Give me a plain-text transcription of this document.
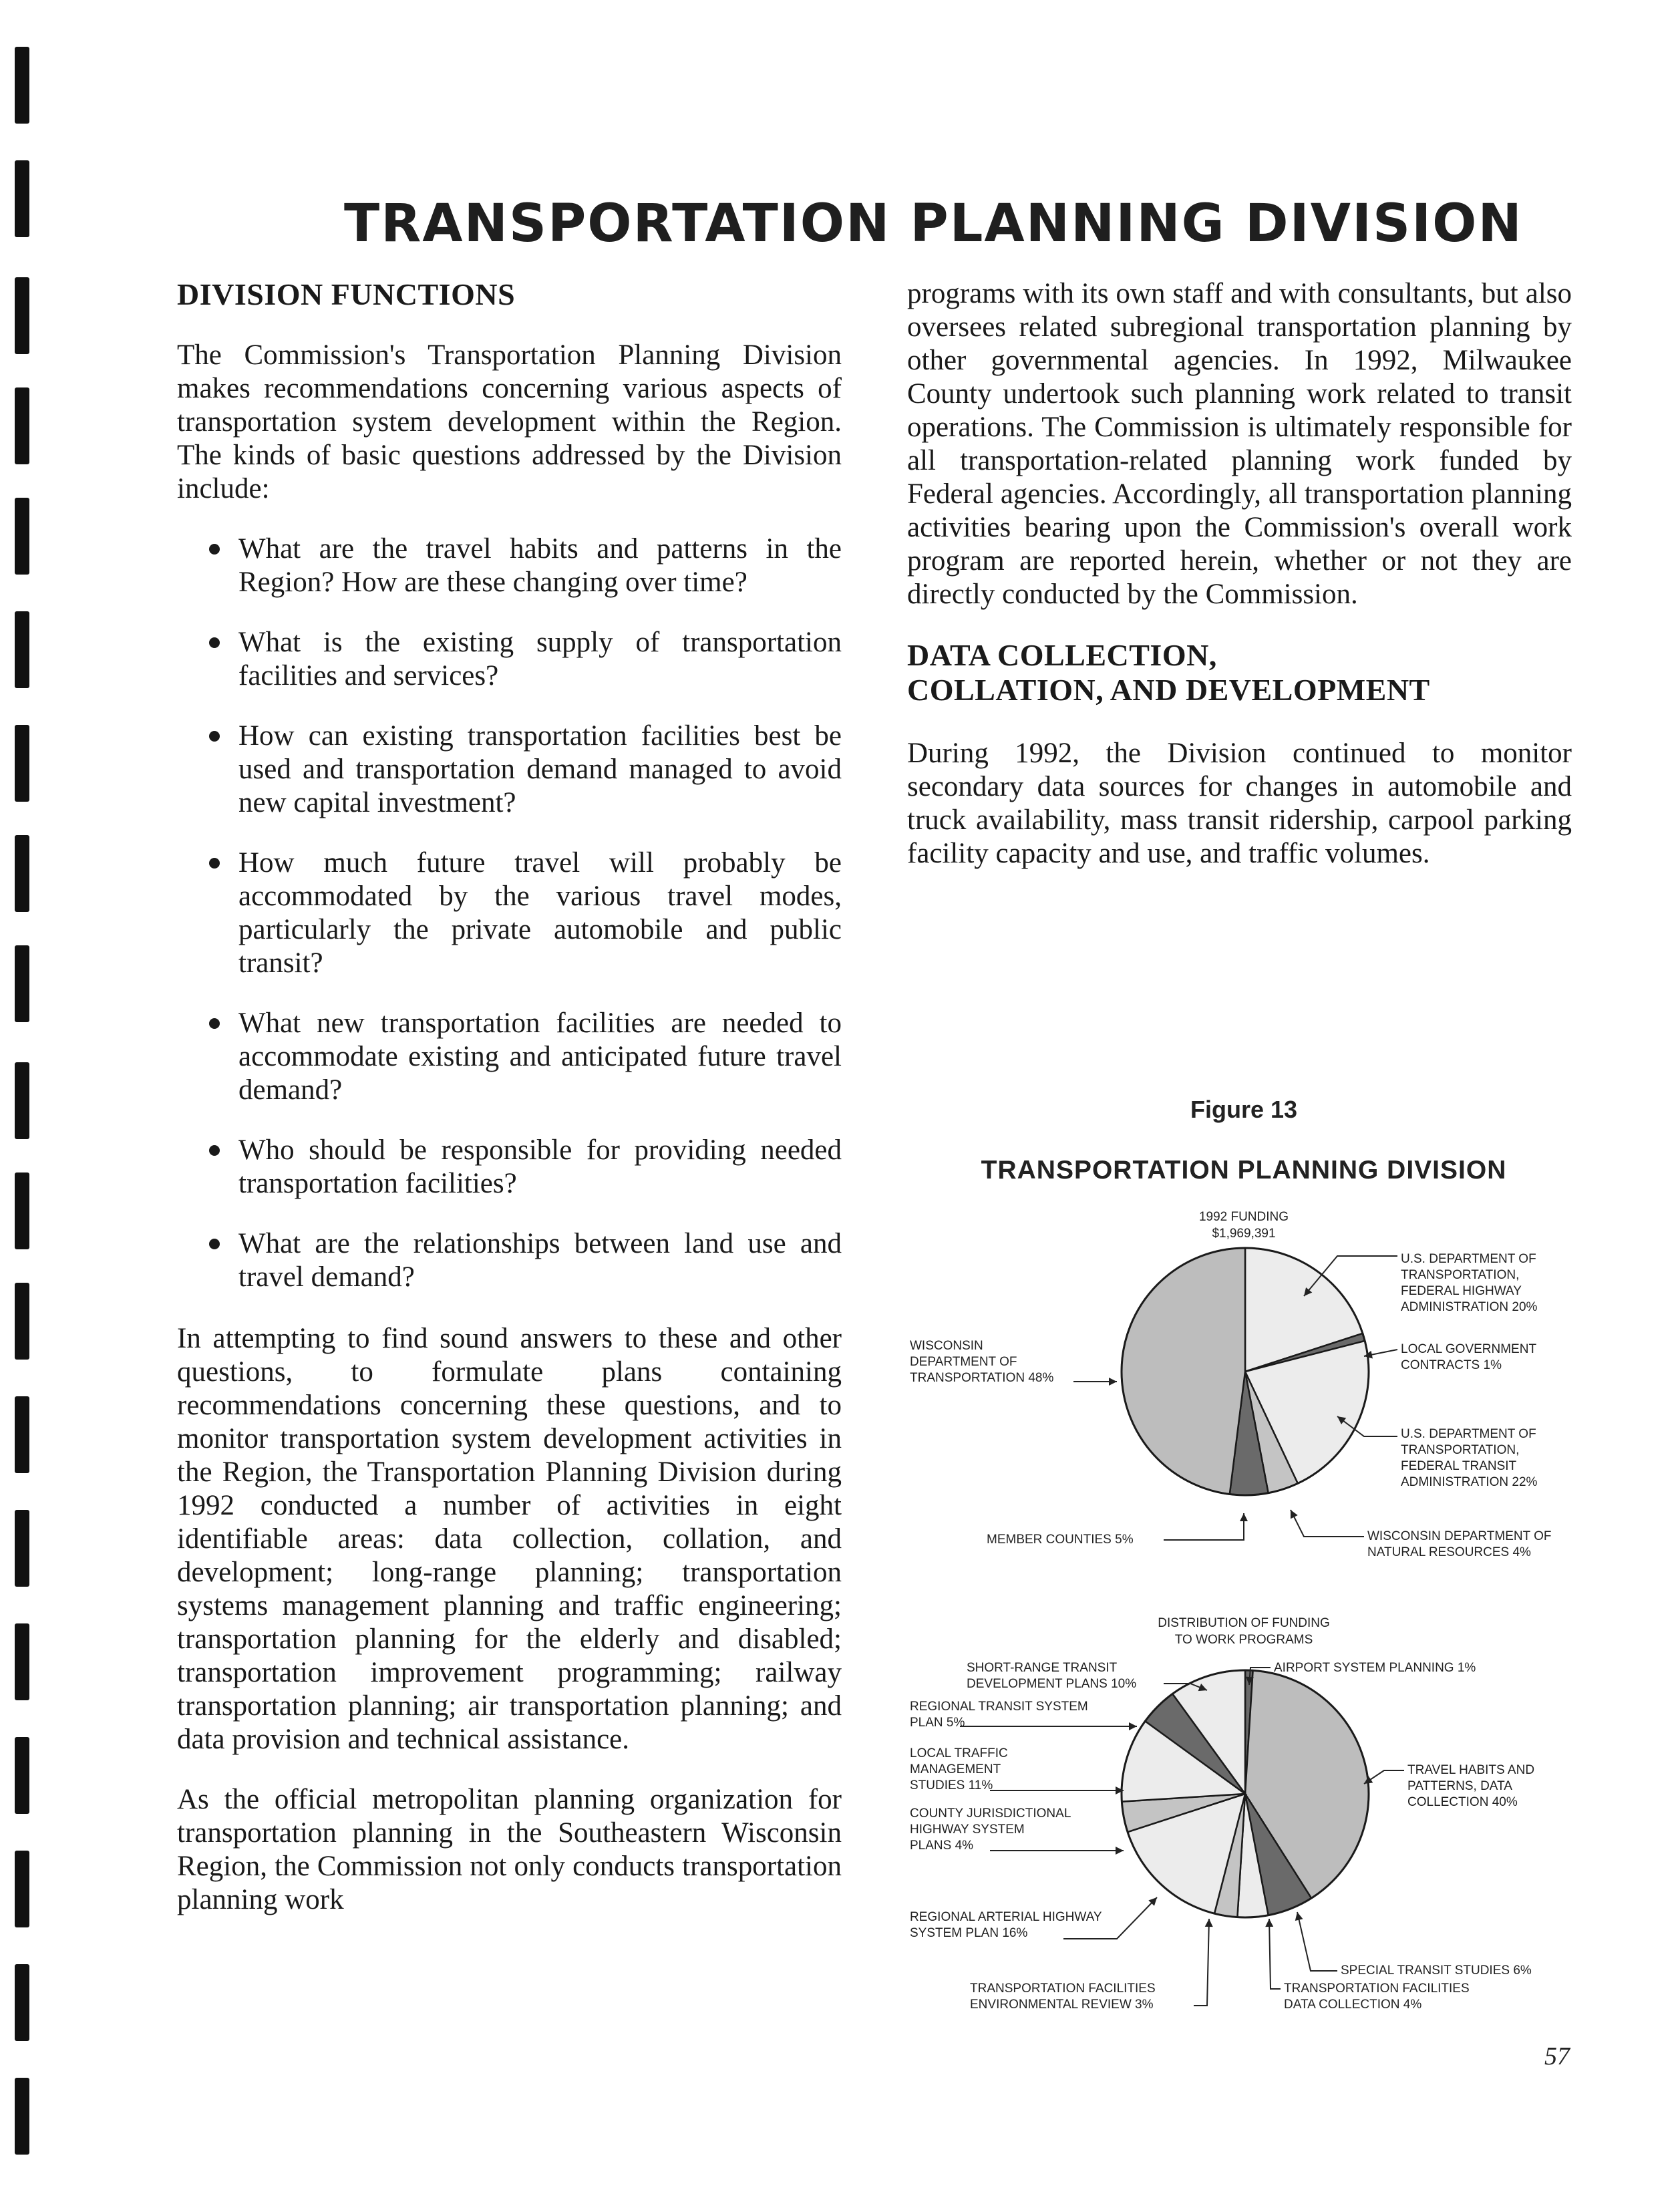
TRANSPORTATION PLANNING DIVISION
DIVISION FUNCTIONS

The Commission's Transportation Planning Division makes recommendations concerning various aspects of transportation system development within the Region. The kinds of basic questions addressed by the Division include:

What are the travel habits and patterns in the Region? How are these changing over time?
What is the existing supply of transportation facilities and services?
How can existing transportation facilities best be used and transportation demand managed to avoid new capital investment?
How much future travel will probably be accommodated by the various travel modes, particularly the private automobile and public transit?
What new transportation facilities are needed to accommodate existing and anticipated future travel demand?
Who should be responsible for providing needed transportation facilities?
What are the relationships between land use and travel demand?

In attempting to find sound answers to these and other questions, to formulate plans containing recommendations concerning these questions, and to monitor transportation system development activities in the Region, the Transportation Planning Division during 1992 conducted a number of activities in eight identifiable areas: data collection, collation, and development; long-range planning; transportation systems management planning and traffic engineering; transportation planning for the elderly and disabled; transportation improvement programming; railway transportation planning; air transportation planning; and data provision and technical assistance.

As the official metropolitan planning organization for transportation planning in the Southeastern Wisconsin Region, the Commission not only conducts transportation planning work

programs with its own staff and with consultants, but also oversees related subregional transportation planning by other governmental agencies. In 1992, Milwaukee County undertook such planning work related to transit operations. The Commission is ultimately responsible for all transportation-related planning work funded by Federal agencies. Accordingly, all transportation planning activities bearing upon the Commission's overall work program are reported herein, whether or not they are directly conducted by the Commission.

DATA COLLECTION,
COLLATION, AND DEVELOPMENT

During 1992, the Division continued to monitor secondary data sources for changes in automobile and truck availability, mass transit ridership, carpool parking facility capacity and use, and traffic volumes.

Figure 13
TRANSPORTATION PLANNING DIVISION
1992 FUNDING
$1,969,391
U.S. DEPARTMENT OF
TRANSPORTATION,
FEDERAL HIGHWAY
ADMINISTRATION 20%
LOCAL GOVERNMENT
CONTRACTS 1%
U.S. DEPARTMENT OF
TRANSPORTATION,
FEDERAL TRANSIT
ADMINISTRATION 22%
WISCONSIN DEPARTMENT OF
NATURAL RESOURCES 4%
MEMBER COUNTIES 5%
WISCONSIN
DEPARTMENT OF
TRANSPORTATION 48%
DISTRIBUTION OF FUNDING
TO WORK PROGRAMS
AIRPORT SYSTEM PLANNING 1%
TRAVEL HABITS AND
PATTERNS, DATA
COLLECTION 40%
SPECIAL TRANSIT STUDIES 6%
TRANSPORTATION FACILITIES
DATA COLLECTION 4%
TRANSPORTATION FACILITIES
ENVIRONMENTAL REVIEW 3%
REGIONAL ARTERIAL HIGHWAY
SYSTEM PLAN 16%
COUNTY JURISDICTIONAL
HIGHWAY SYSTEM
PLANS 4%
LOCAL TRAFFIC
MANAGEMENT
STUDIES 11%
REGIONAL TRANSIT SYSTEM
PLAN 5%
SHORT-RANGE TRANSIT
DEVELOPMENT PLANS 10%
57
